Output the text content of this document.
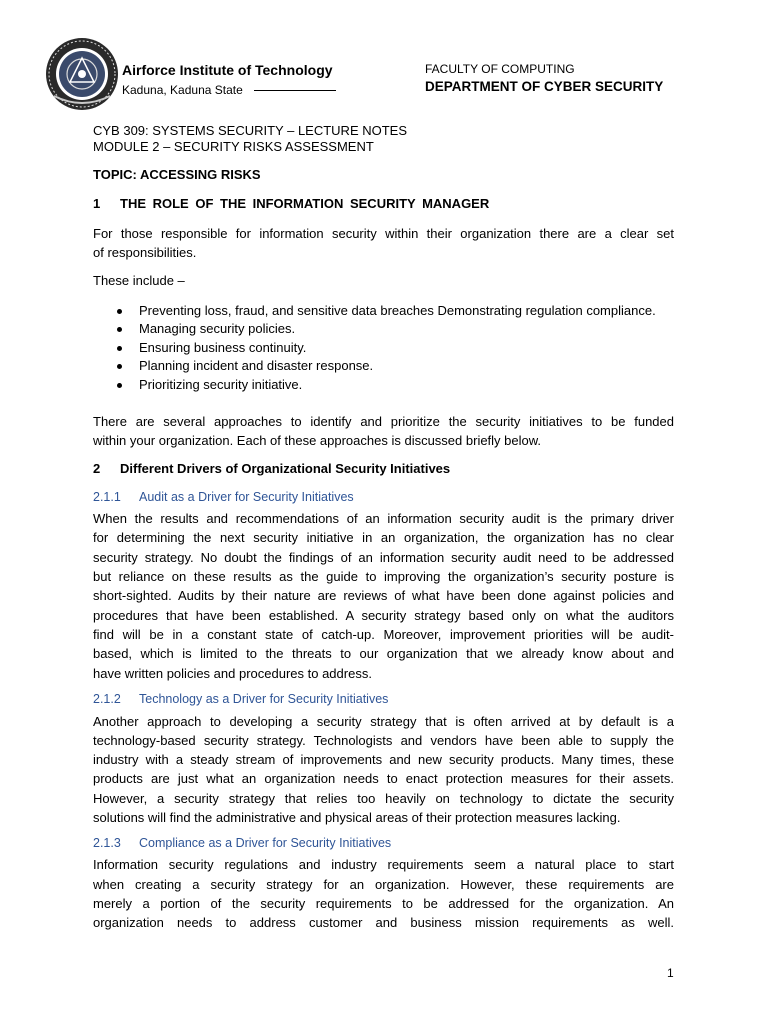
Airforce Institute of Technology
Kaduna, Kaduna State
FACULTY OF COMPUTING
DEPARTMENT OF CYBER SECURITY
CYB 309: SYSTEMS SECURITY – LECTURE NOTES
MODULE 2 – SECURITY RISKS ASSESSMENT
TOPIC: ACCESSING RISKS
1 THE ROLE OF THE INFORMATION SECURITY MANAGER
For those responsible for information security within their organization there are a clear set
of responsibilities.
These include –
Preventing loss, fraud, and sensitive data breaches Demonstrating regulation compliance.
Managing security policies.
Ensuring business continuity.
Planning incident and disaster response.
Prioritizing security initiative.
There are several approaches to identify and prioritize the security initiatives to be funded
within your organization. Each of these approaches is discussed briefly below.
2 Different Drivers of Organizational Security Initiatives
2.1.1 Audit as a Driver for Security Initiatives
When the results and recommendations of an information security audit is the primary driver
for determining the next security initiative in an organization, the organization has no clear
security strategy. No doubt the findings of an information security audit need to be addressed
but reliance on these results as the guide to improving the organization’s security posture is
short-sighted. Audits by their nature are reviews of what have been done against policies and
procedures that have been established. A security strategy based only on what the auditors
find will be in a constant state of catch-up. Moreover, improvement priorities will be audit-
based, which is limited to the threats to our organization that we already know about and
have written policies and procedures to address.
2.1.2 Technology as a Driver for Security Initiatives
Another approach to developing a security strategy that is often arrived at by default is a
technology-based security strategy. Technologists and vendors have been able to supply the
industry with a steady stream of improvements and new security products. Many times, these
products are just what an organization needs to enact protection measures for their assets.
However, a security strategy that relies too heavily on technology to dictate the security
solutions will find the administrative and physical areas of their protection measures lacking.
2.1.3 Compliance as a Driver for Security Initiatives
Information security regulations and industry requirements seem a natural place to start
when creating a security strategy for an organization. However, these requirements are
merely a portion of the security requirements to be addressed for the organization. An
organization needs to address customer and business mission requirements as well.
1
